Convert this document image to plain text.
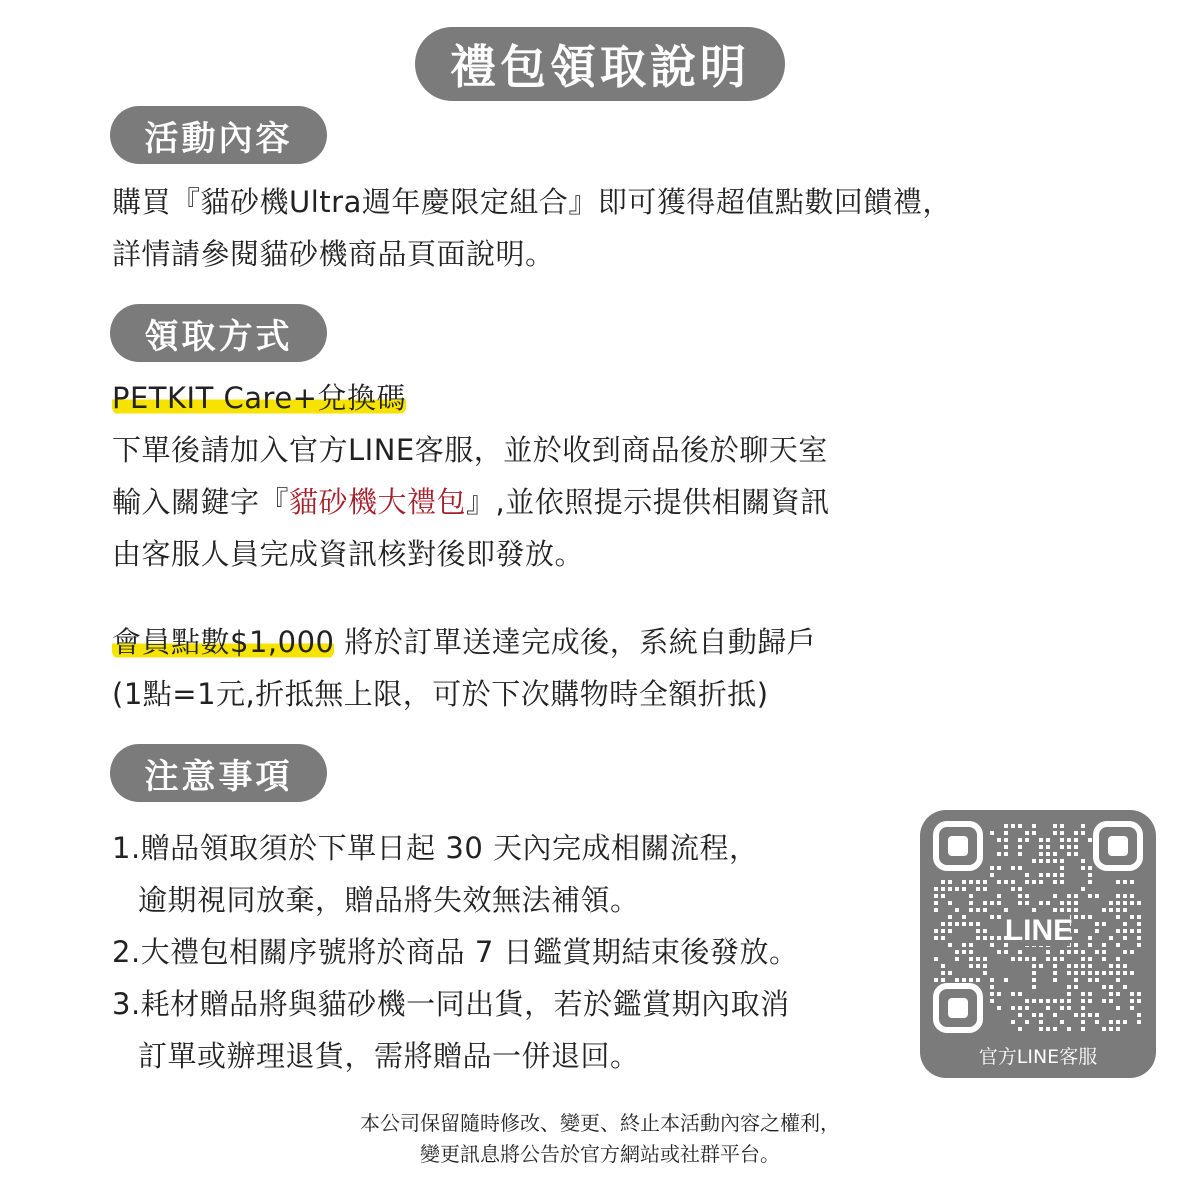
禮包領取說明
活動內容
購買『貓砂機Ultra週年慶限定組合』即可獲得超值點數回饋禮，
詳情請參閱貓砂機商品頁面說明。
領取方式
PETKIT Care+兌換碼
下單後請加入官方LINE客服，並於收到商品後於聊天室
輸入關鍵字『貓砂機大禮包』,並依照提示提供相關資訊
由客服人員完成資訊核對後即發放。
會員點數$1,000 將於訂單送達完成後，系統自動歸戶
(1點=1元,折抵無上限，可於下次購物時全額折抵)
注意事項
1.贈品領取須於下單日起 30 天內完成相關流程，
逾期視同放棄，贈品將失效無法補領。
2.大禮包相關序號將於商品 7 日鑑賞期結束後發放。
3.耗材贈品將與貓砂機一同出貨，若於鑑賞期內取消
訂單或辦理退貨，需將贈品一併退回。
LINE
官方LINE客服
本公司保留隨時修改、變更、終止本活動內容之權利，
變更訊息將公告於官方網站或社群平台。
